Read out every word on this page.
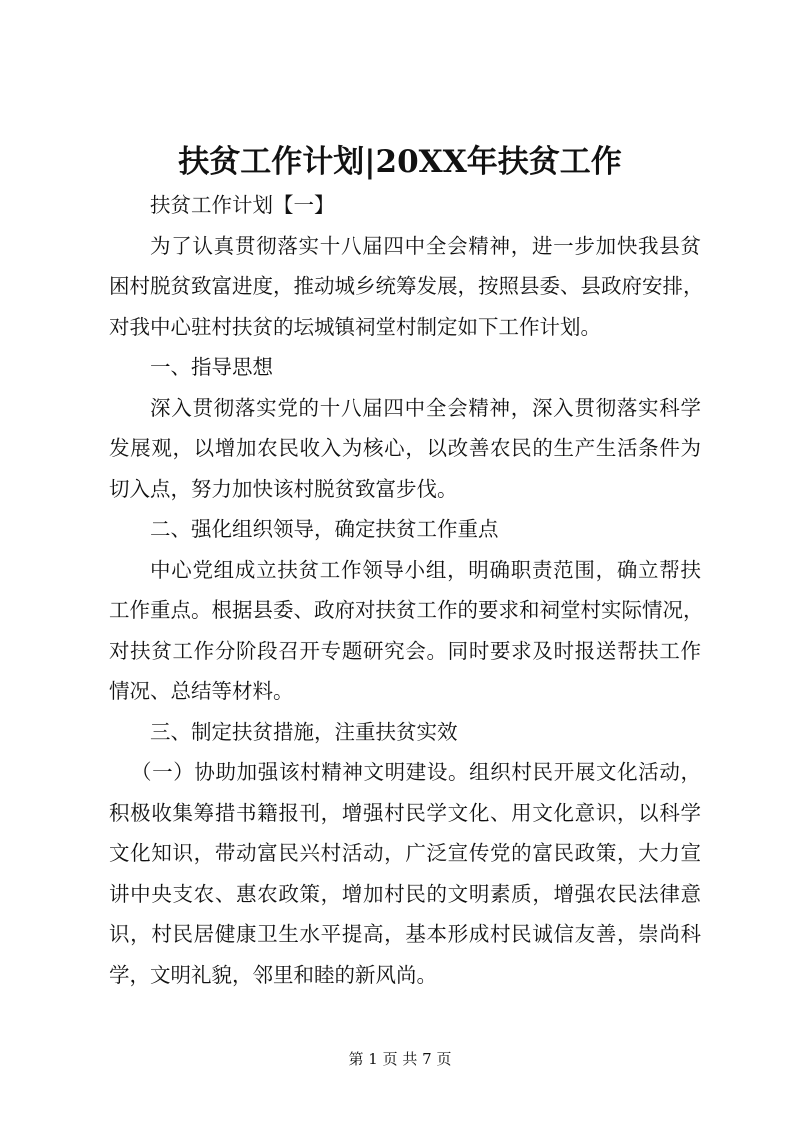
扶贫工作计划|20XX年扶贫工作
扶贫工作计划【一】
为了认真贯彻落实十八届四中全会精神，进一步加快我县贫
困村脱贫致富进度，推动城乡统筹发展，按照县委、县政府安排，
对我中心驻村扶贫的坛城镇祠堂村制定如下工作计划。
一、指导思想
深入贯彻落实党的十八届四中全会精神，深入贯彻落实科学
发展观，以增加农民收入为核心，以改善农民的生产生活条件为
切入点，努力加快该村脱贫致富步伐。
二、强化组织领导，确定扶贫工作重点
中心党组成立扶贫工作领导小组，明确职责范围，确立帮扶
工作重点。根据县委、政府对扶贫工作的要求和祠堂村实际情况，
对扶贫工作分阶段召开专题研究会。同时要求及时报送帮扶工作
情况、总结等材料。
三、制定扶贫措施，注重扶贫实效
（一）协助加强该村精神文明建设。组织村民开展文化活动，
积极收集筹措书籍报刊，增强村民学文化、用文化意识，以科学
文化知识，带动富民兴村活动，广泛宣传党的富民政策，大力宣
讲中央支农、惠农政策，增加村民的文明素质，增强农民法律意
识，村民居健康卫生水平提高，基本形成村民诚信友善，崇尚科
学，文明礼貌，邻里和睦的新风尚。
第 1 页 共 7 页
